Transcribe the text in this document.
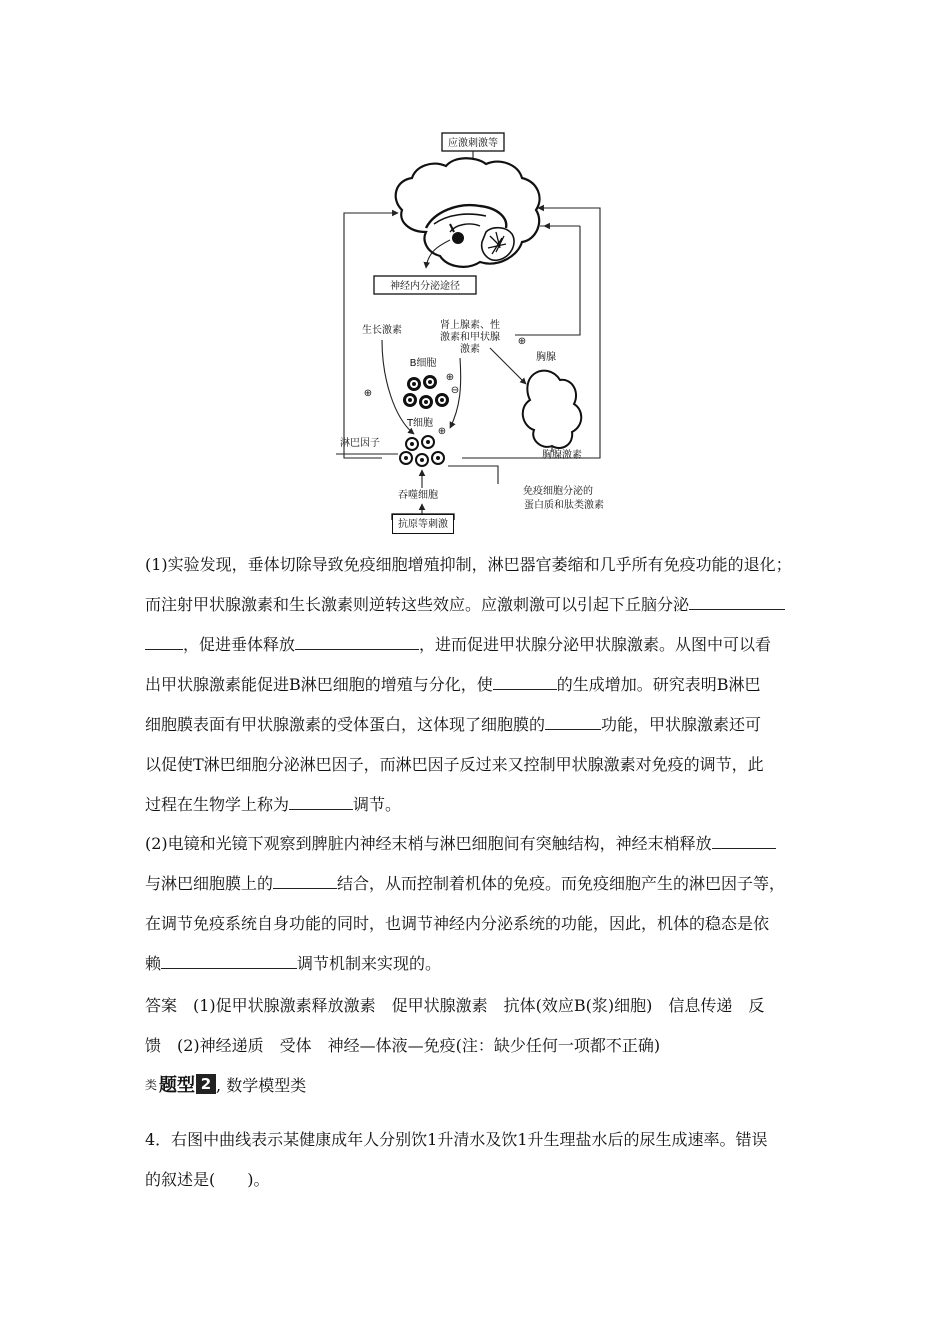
应激刺激等
神经内分泌途径
生长激素
⊕
肾上腺素、性
激素和甲状腺
激素
⊕
⊕
⊖
胸腺
胸腺激素
B细胞
T细胞
⊕
淋巴因子
吞噬细胞	免疫细胞分泌的
蛋白质和肽类激素
抗原等刺激
(1)实验发现，垂体切除导致免疫细胞增殖抑制，淋巴器官萎缩和几乎所有免疫功能的退化；
而注射甲状腺激素和生长激素则逆转这些效应。应激刺激可以引起下丘脑分泌
，促进垂体释放	，进而促进甲状腺分泌甲状腺激素。从图中可以看
出甲状腺激素能促进B淋巴细胞的增殖与分化，使	的生成增加。研究表明B淋巴
细胞膜表面有甲状腺激素的受体蛋白，这体现了细胞膜的	功能，甲状腺激素还可
以促使T淋巴细胞分泌淋巴因子，而淋巴因子反过来又控制甲状腺激素对免疫的调节，此
过程在生物学上称为	调节。
(2)电镜和光镜下观察到脾脏内神经末梢与淋巴细胞间有突触结构，神经末梢释放
与淋巴细胞膜上的	结合，从而控制着机体的免疫。而免疫细胞产生的淋巴因子等，
在调节免疫系统自身功能的同时，也调节神经内分泌系统的功能，因此，机体的稳态是依
赖	调节机制来实现的。
答案　(1)促甲状腺激素释放激素　促甲状腺激素　抗体(效应B(浆)细胞)　信息传递　反
馈　(2)神经递质　受体　神经—体液—免疫(注：缺少任何一项都不正确)
类 题型 2 , 数学模型类
4．右图中曲线表示某健康成年人分别饮1升清水及饮1升生理盐水后的尿生成速率。错误
的叙述是(　　)。
